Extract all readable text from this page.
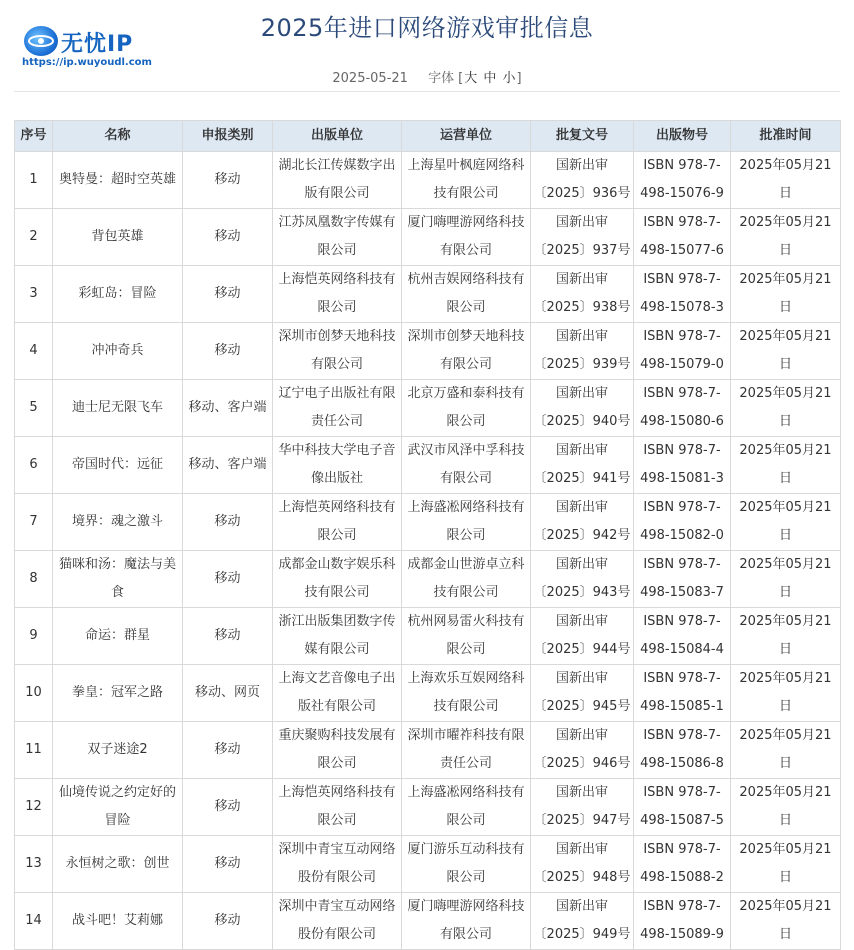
无忧IP
https://ip.wuyoudl.com
2025年进口网络游戏审批信息
2025-05-21 字体 [大 中 小]
序号	名称	申报类别	出版单位	运营单位	批复文号	出版物号	批准时间
1	奥特曼：超时空英雄	移动	湖北长江传媒数字出版有限公司	上海星叶枫庭网络科技有限公司	国新出审〔2025〕936号	ISBN 978-7-498-15076-9	2025年05月21日
2	背包英雄	移动	江苏凤凰数字传媒有限公司	厦门嗨哩游网络科技有限公司	国新出审〔2025〕937号	ISBN 978-7-498-15077-6	2025年05月21日
3	彩虹岛：冒险	移动	上海恺英网络科技有限公司	杭州吉娱网络科技有限公司	国新出审〔2025〕938号	ISBN 978-7-498-15078-3	2025年05月21日
4	冲冲奇兵	移动	深圳市创梦天地科技有限公司	深圳市创梦天地科技有限公司	国新出审〔2025〕939号	ISBN 978-7-498-15079-0	2025年05月21日
5	迪士尼无限飞车	移动、客户端	辽宁电子出版社有限责任公司	北京万盛和泰科技有限公司	国新出审〔2025〕940号	ISBN 978-7-498-15080-6	2025年05月21日
6	帝国时代：远征	移动、客户端	华中科技大学电子音像出版社	武汉市风泽中孚科技有限公司	国新出审〔2025〕941号	ISBN 978-7-498-15081-3	2025年05月21日
7	境界：魂之激斗	移动	上海恺英网络科技有限公司	上海盛凇网络科技有限公司	国新出审〔2025〕942号	ISBN 978-7-498-15082-0	2025年05月21日
8	猫咪和汤：魔法与美食	移动	成都金山数字娱乐科技有限公司	成都金山世游卓立科技有限公司	国新出审〔2025〕943号	ISBN 978-7-498-15083-7	2025年05月21日
9	命运：群星	移动	浙江出版集团数字传媒有限公司	杭州网易雷火科技有限公司	国新出审〔2025〕944号	ISBN 978-7-498-15084-4	2025年05月21日
10	拳皇：冠军之路	移动、网页	上海文艺音像电子出版社有限公司	上海欢乐互娱网络科技有限公司	国新出审〔2025〕945号	ISBN 978-7-498-15085-1	2025年05月21日
11	双子迷途2	移动	重庆聚购科技发展有限公司	深圳市曜祚科技有限责任公司	国新出审〔2025〕946号	ISBN 978-7-498-15086-8	2025年05月21日
12	仙境传说之约定好的冒险	移动	上海恺英网络科技有限公司	上海盛凇网络科技有限公司	国新出审〔2025〕947号	ISBN 978-7-498-15087-5	2025年05月21日
13	永恒树之歌：创世	移动	深圳中青宝互动网络股份有限公司	厦门游乐互动科技有限公司	国新出审〔2025〕948号	ISBN 978-7-498-15088-2	2025年05月21日
14	战斗吧！艾莉娜	移动	深圳中青宝互动网络股份有限公司	厦门嗨哩游网络科技有限公司	国新出审〔2025〕949号	ISBN 978-7-498-15089-9	2025年05月21日
